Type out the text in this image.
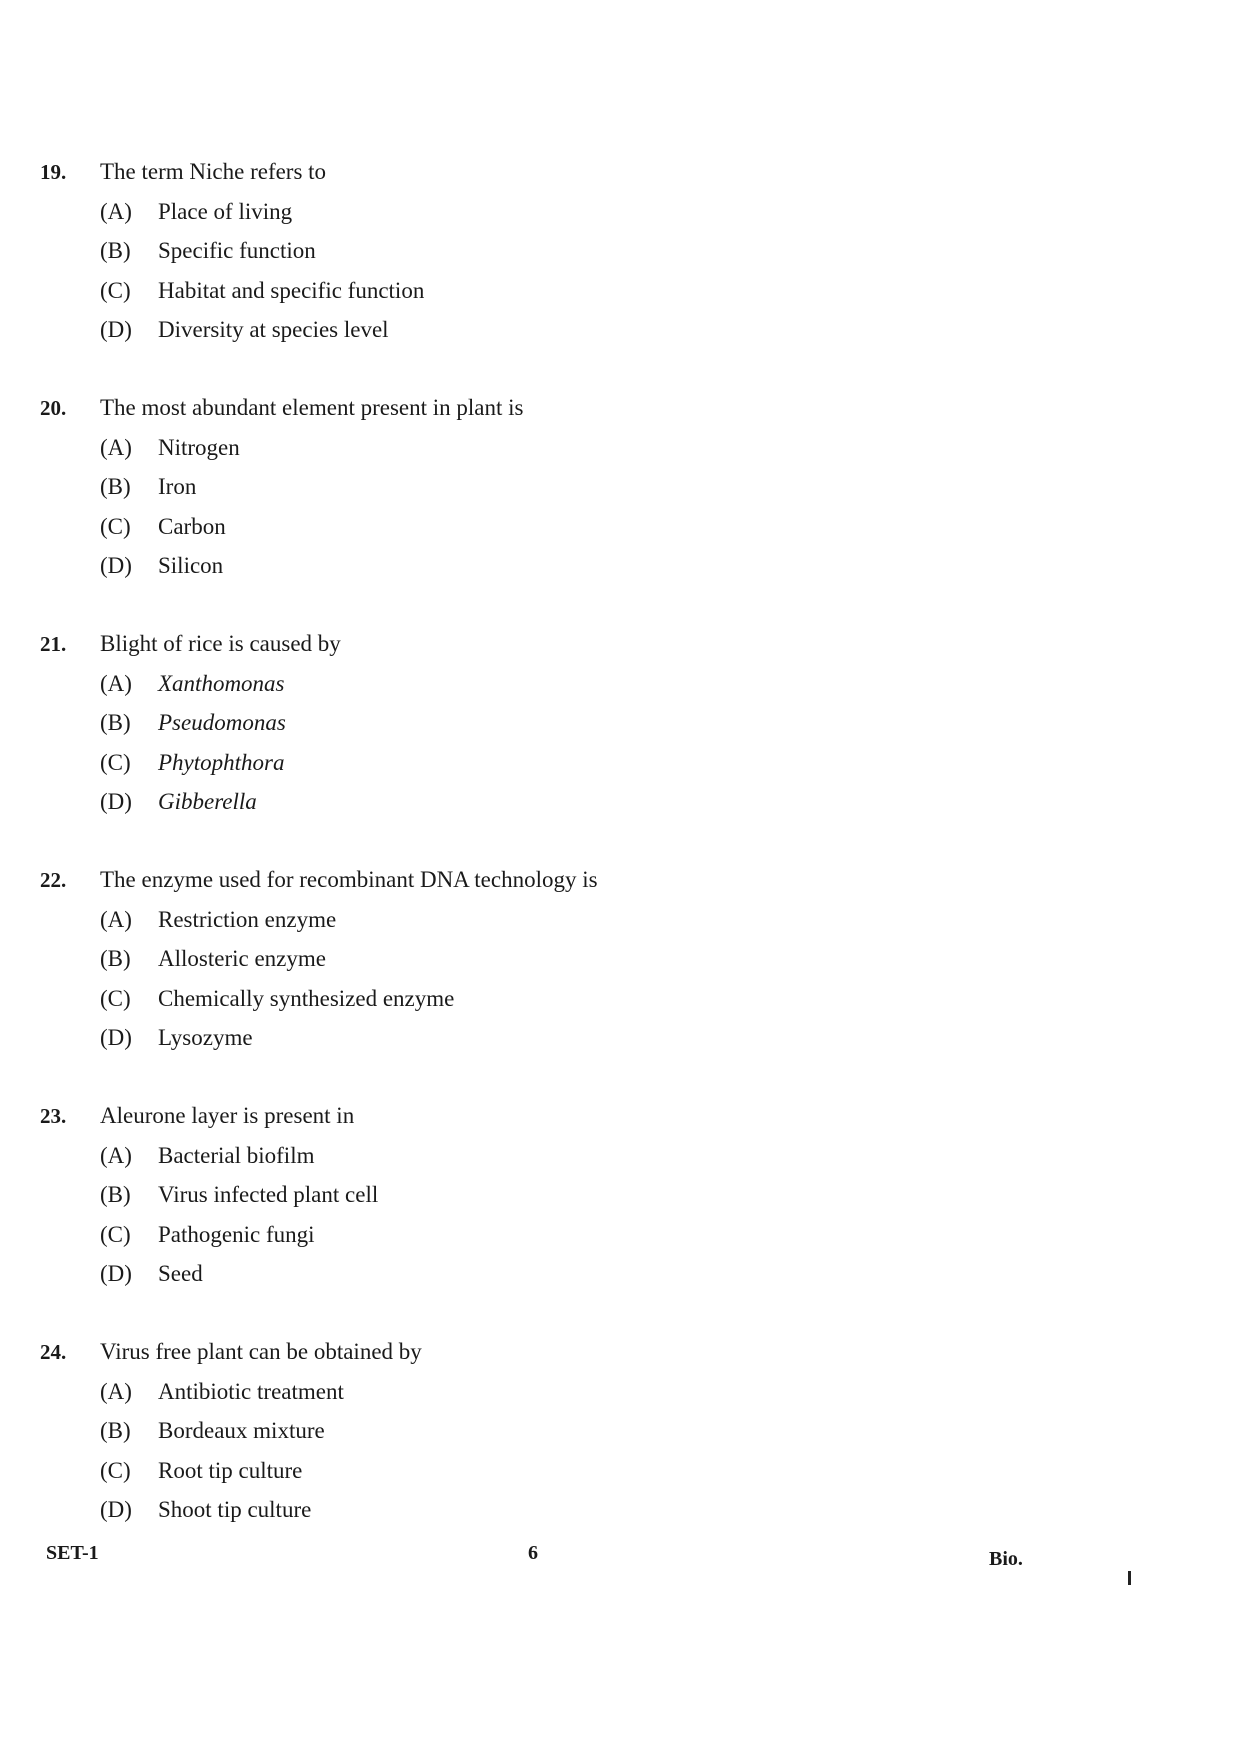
19.	The term Niche refers to
(A)	Place of living
(B)	Specific function
(C)	Habitat and specific function
(D)	Diversity at species level
20.	The most abundant element present in plant is
(A)	Nitrogen
(B)	Iron
(C)	Carbon
(D)	Silicon
21.	Blight of rice is caused by
(A)	Xanthomonas
(B)	Pseudomonas
(C)	Phytophthora
(D)	Gibberella
22.	The enzyme used for recombinant DNA technology is
(A)	Restriction enzyme
(B)	Allosteric enzyme
(C)	Chemically synthesized enzyme
(D)	Lysozyme
23.	Aleurone layer is present in
(A)	Bacterial biofilm
(B)	Virus infected plant cell
(C)	Pathogenic fungi
(D)	Seed
24.	Virus free plant can be obtained by
(A)	Antibiotic treatment
(B)	Bordeaux mixture
(C)	Root tip culture
(D)	Shoot tip culture
SET-1	6	Bio.
